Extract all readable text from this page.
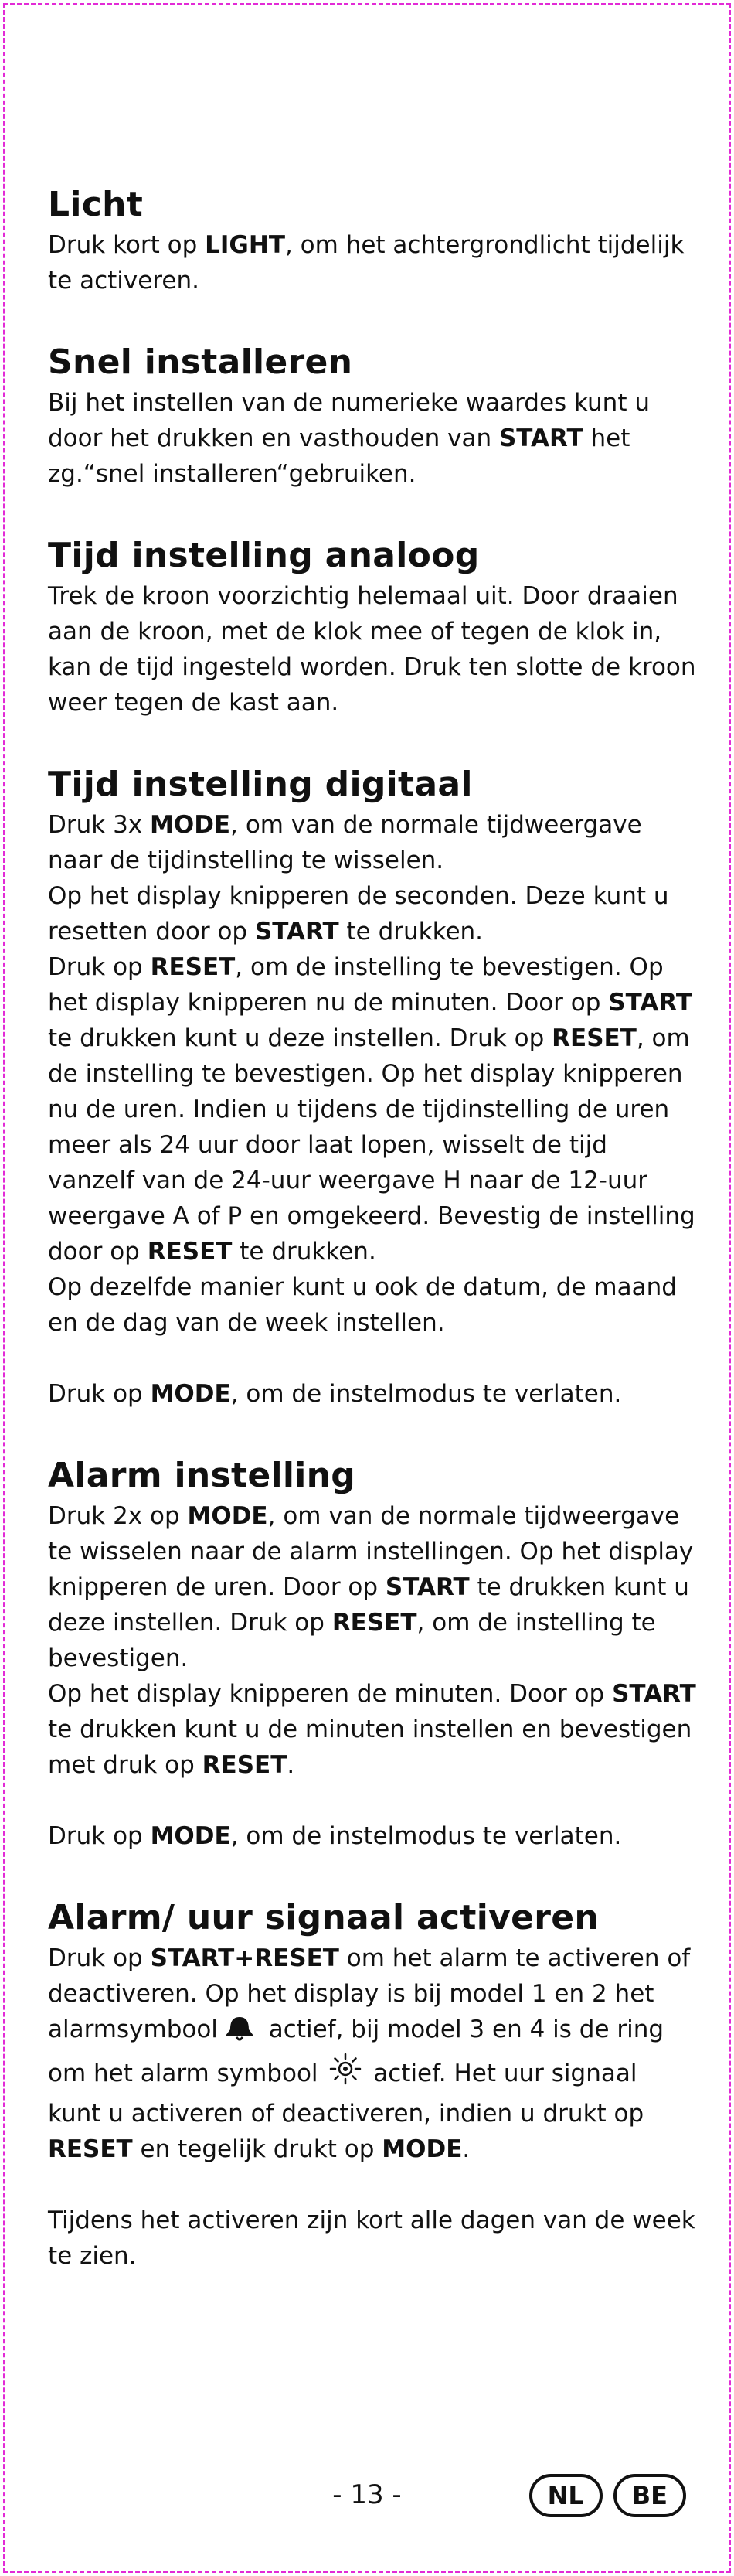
Licht

Druk kort op LIGHT, om het achtergrondlicht tijdelijk te activeren.

Snel installeren

Bij het instellen van de numerieke waardes kunt u door het drukken en vasthouden van START het zg.“snel installeren“gebruiken.

Tijd instelling analoog

Trek de kroon voorzichtig helemaal uit. Door draaien aan de kroon, met de klok mee of tegen de klok in, kan de tijd ingesteld worden. Druk ten slotte de kroon weer tegen de kast aan.

Tijd instelling digitaal

Druk 3x MODE, om van de normale tijdweergave naar de tijdinstelling te wisselen.

Op het display knipperen de seconden. Deze kunt u resetten door op START te drukken.

Druk op RESET, om de instelling te bevestigen. Op het display knipperen nu de minuten. Door op START te drukken kunt u deze instellen. Druk op RESET, om de instelling te bevestigen. Op het display knipperen nu de uren. Indien u tijdens de tijdinstelling de uren meer als 24 uur door laat lopen, wisselt de tijd vanzelf van de 24-uur weergave H naar de 12-uur weergave A of P en omgekeerd. Bevestig de instelling door op RESET te drukken.

Op dezelfde manier kunt u ook de datum, de maand en de dag van de week instellen.

Druk op MODE, om de instelmodus te verlaten.

Alarm instelling

Druk 2x op MODE, om van de normale tijdweergave te wisselen naar de alarm instellingen. Op het display knipperen de uren. Door op START te drukken kunt u deze instellen. Druk op RESET, om de instelling te bevestigen.

Op het display knipperen de minuten. Door op START te drukken kunt u de minuten instellen en bevestigen met druk op RESET.

Druk op MODE, om de instelmodus te verlaten.

Alarm/ uur signaal activeren

Druk op START+RESET om het alarm te activeren of deactiveren. Op het display is bij model 1 en 2 het alarmsymbool actief, bij model 3 en 4 is de ring om het alarm symbool  actief. Het uur signaal kunt u activeren of deactiveren, indien u drukt op RESET en tegelijk drukt op MODE.

Tijdens het activeren zijn kort alle dagen van de week te zien.

- 13 -	NL	BE
